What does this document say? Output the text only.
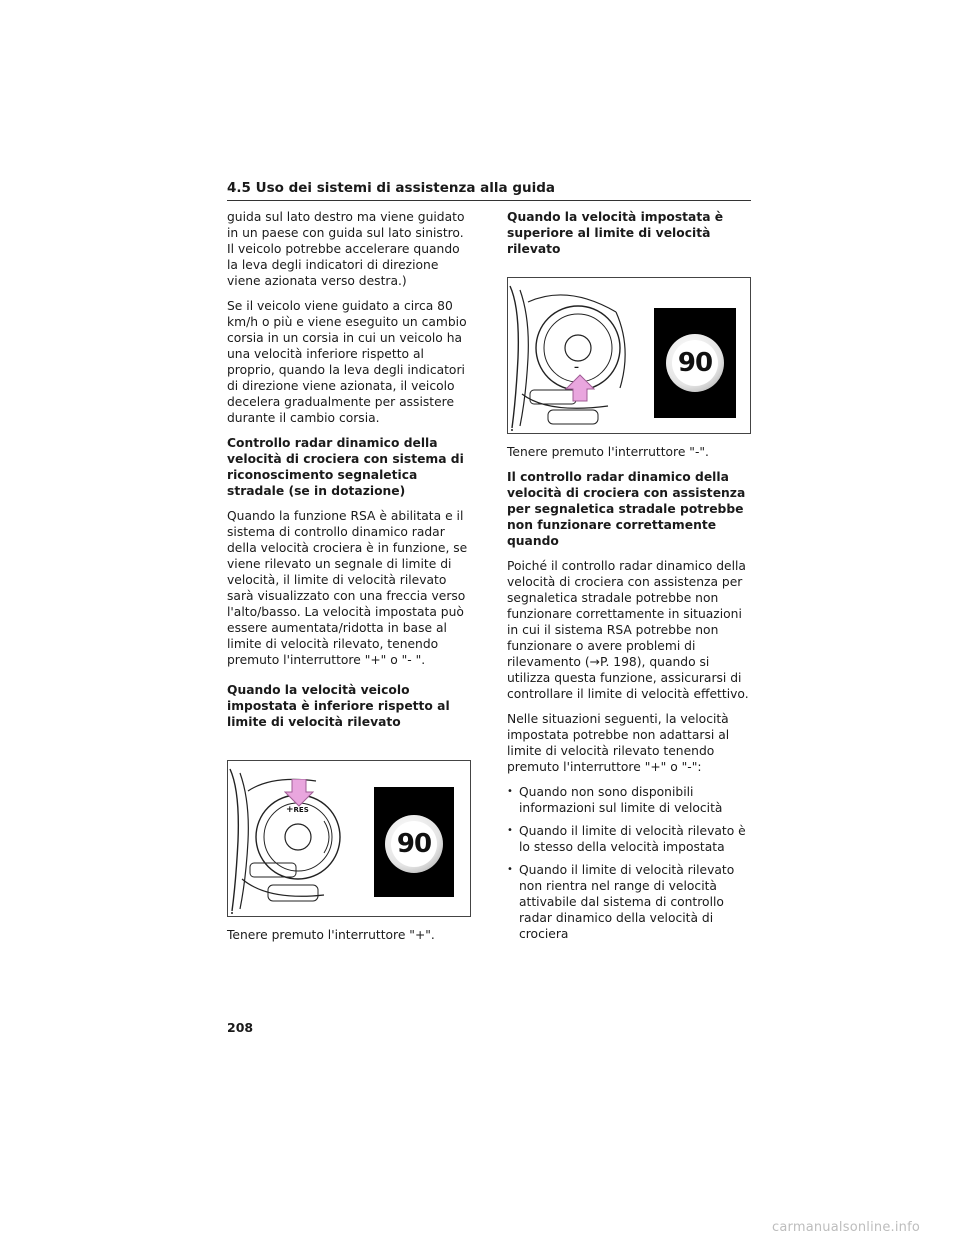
4.5 Uso dei sistemi di assistenza alla guida

guida sul lato destro ma viene guidato in un paese con guida sul lato sinistro. Il veicolo potrebbe accelerare quando la leva degli indicatori di direzione viene azionata verso destra.)

Se il veicolo viene guidato a circa 80 km/h o più e viene eseguito un cambio corsia in un corsia in cui un veicolo ha una velocità inferiore rispetto al proprio, quando la leva degli indicatori di direzione viene azionata, il veicolo decelera gradualmente per assistere durante il cambio corsia.

Controllo radar dinamico della velocità di crociera con sistema di riconoscimento segnaletica stradale (se in dotazione)

Quando la funzione RSA è abilitata e il sistema di controllo dinamico radar della velocità crociera è in funzione, se viene rilevato un segnale di limite di velocità, il limite di velocità rilevato sarà visualizzato con una freccia verso l'alto/basso. La velocità impostata può essere aumentata/ridotta in base al limite di velocità rilevato, tenendo premuto l'interruttore "+" o "- ".

Quando la velocità veicolo impostata è inferiore rispetto al limite di velocità rilevato
+RES
90

Tenere premuto l'interruttore "+".

Quando la velocità impostata è superiore al limite di velocità rilevato
–	90

Tenere premuto l'interruttore "-".

Il controllo radar dinamico della velocità di crociera con assistenza per segnaletica stradale potrebbe non funzionare correttamente quando

Poiché il controllo radar dinamico della velocità di crociera con assistenza per segnaletica stradale potrebbe non funzionare correttamente in situazioni in cui il sistema RSA potrebbe non funzionare o avere problemi di rilevamento (→P. 198), quando si utilizza questa funzione, assicurarsi di controllare il limite di velocità effettivo.

Nelle situazioni seguenti, la velocità impostata potrebbe non adattarsi al limite di velocità rilevato tenendo premuto l'interruttore "+" o "-":

• Quando non sono disponibili informazioni sul limite di velocità
• Quando il limite di velocità rilevato è lo stesso della velocità impostata
• Quando il limite di velocità rilevato non rientra nel range di velocità attivabile dal sistema di controllo radar dinamico della velocità di crociera
208
carmanualsonline.info
